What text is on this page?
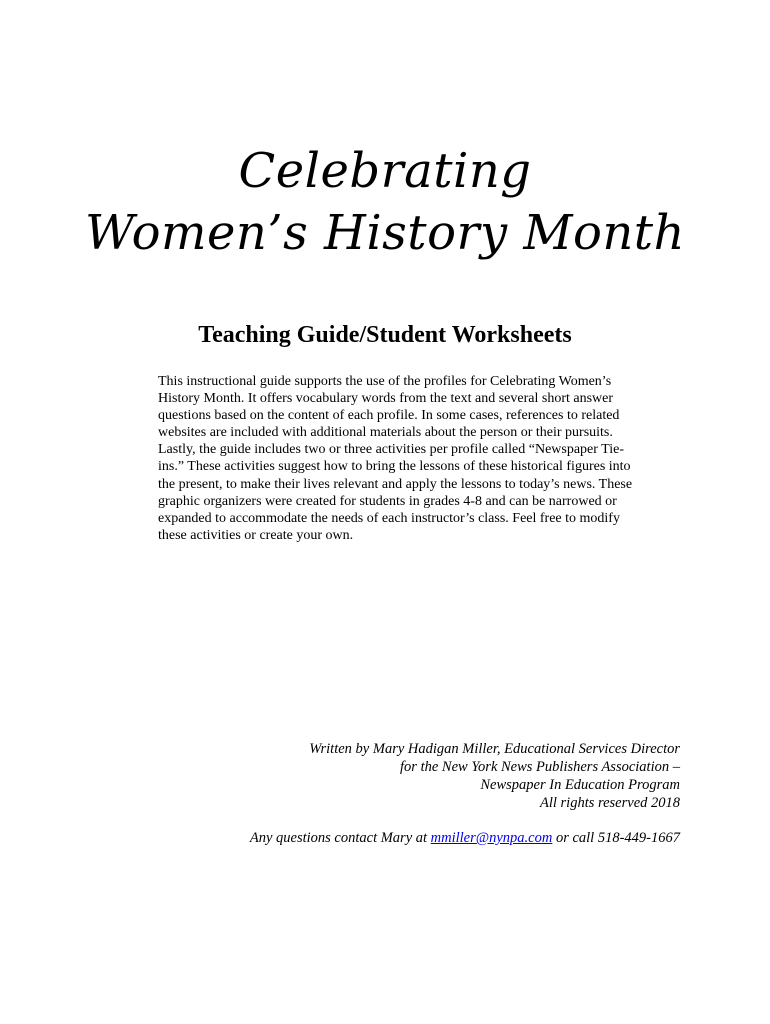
Celebrating
Women’s History Month
Teaching Guide/Student Worksheets

This instructional guide supports the use of the profiles for Celebrating Women’s History Month. It offers vocabulary words from the text and several short answer questions based on the content of each profile. In some cases, references to related websites are included with additional materials about the person or their pursuits. Lastly, the guide includes two or three activities per profile called “Newspaper Tie-ins.” These activities suggest how to bring the lessons of these historical figures into the present, to make their lives relevant and apply the lessons to today’s news. These graphic organizers were created for students in grades 4-8 and can be narrowed or expanded to accommodate the needs of each instructor’s class. Feel free to modify these activities or create your own.

Written by Mary Hadigan Miller, Educational Services Director
for the New York News Publishers Association –
Newspaper In Education Program
All rights reserved 2018
Any questions contact Mary at mmiller@nynpa.com or call 518-449-1667
